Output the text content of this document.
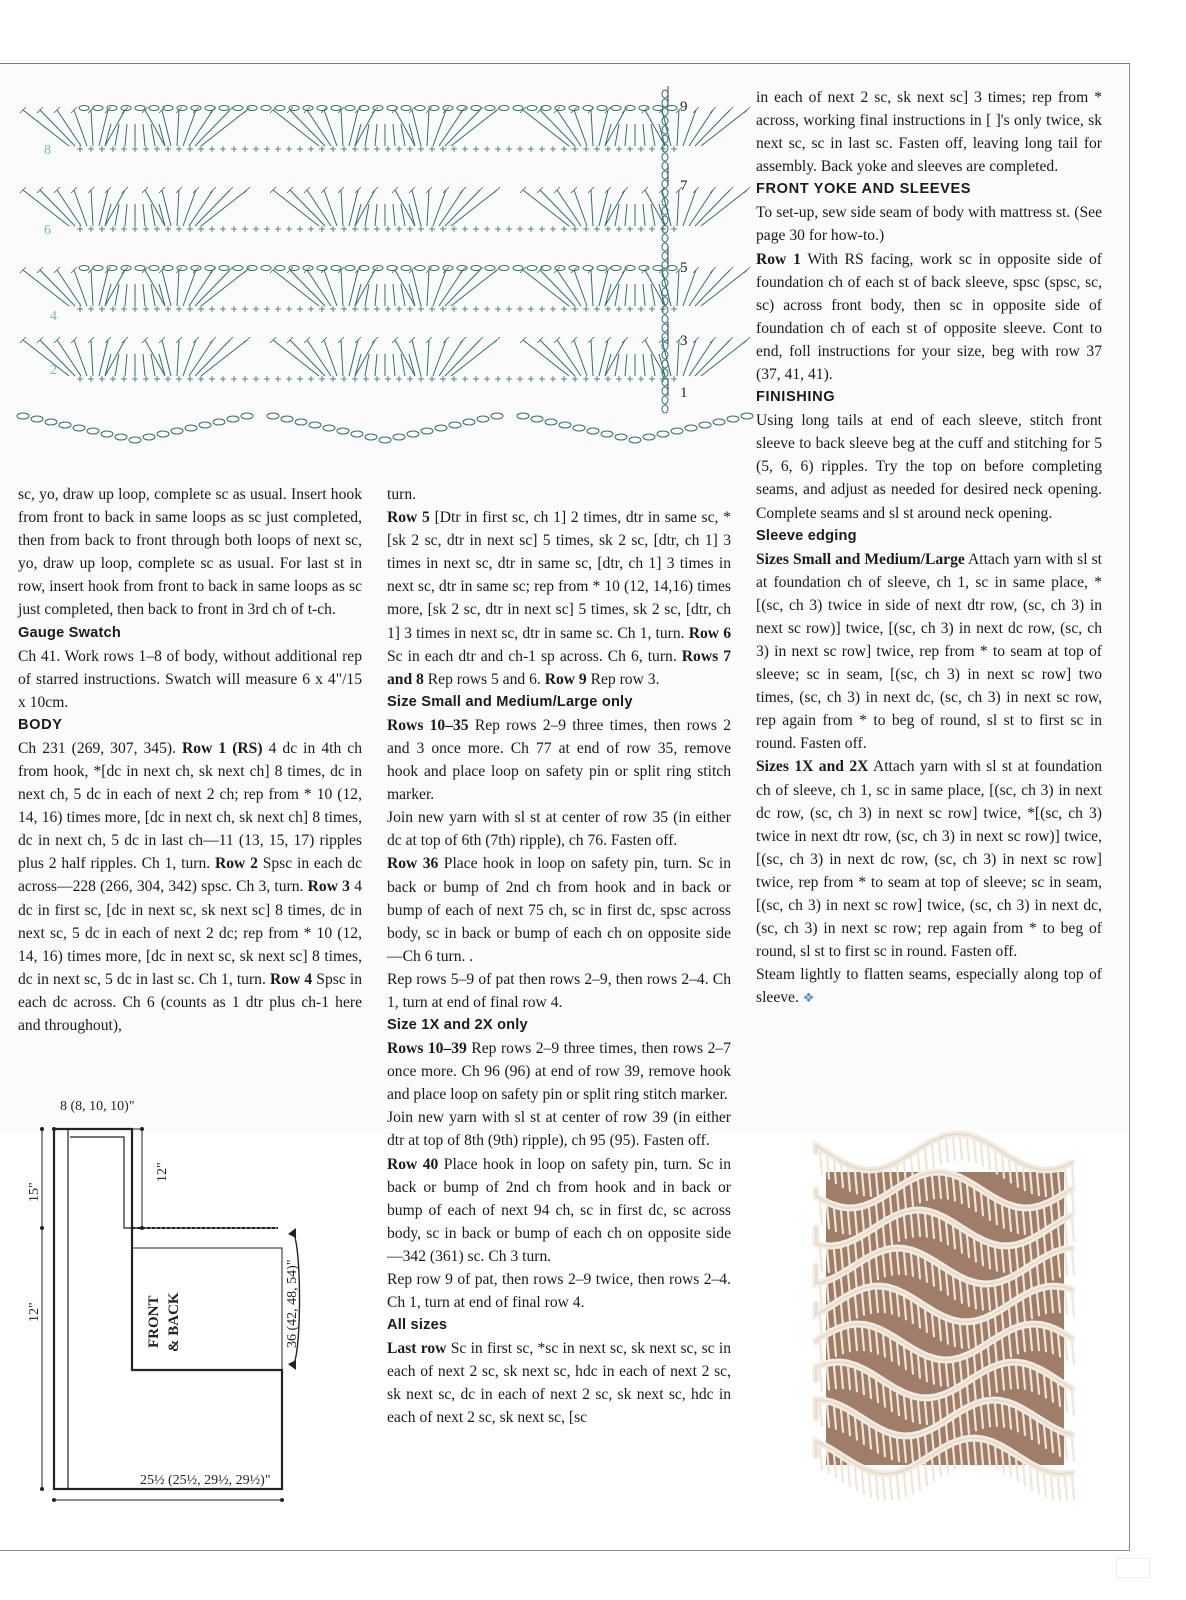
8
6
4
2
9
7
5
3
1

sc, yo, draw up loop, complete sc as usual. Insert hook from front to back in same loops as sc just completed, then from back to front through both loops of next sc, yo, draw up loop, complete sc as usual. For last st in row, insert hook from front to back in same loops as sc just completed, then back to front in 3rd ch of t-ch.

Gauge Swatch

Ch 41. Work rows 1–8 of body, without additional rep of starred instructions. Swatch will measure 6 x 4"/15 x 10cm.

BODY

Ch 231 (269, 307, 345). Row 1 (RS) 4 dc in 4th ch from hook, *[dc in next ch, sk next ch] 8 times, dc in next ch, 5 dc in each of next 2 ch; rep from * 10 (12, 14, 16) times more, [dc in next ch, sk next ch] 8 times, dc in next ch, 5 dc in last ch—11 (13, 15, 17) ripples plus 2 half ripples. Ch 1, turn. Row 2 Spsc in each dc across—228 (266, 304, 342) spsc. Ch 3, turn. Row 3 4 dc in first sc, [dc in next sc, sk next sc] 8 times, dc in next sc, 5 dc in each of next 2 dc; rep from * 10 (12, 14, 16) times more, [dc in next sc, sk next sc] 8 times, dc in next sc, 5 dc in last sc. Ch 1, turn. Row 4 Spsc in each dc across. Ch 6 (counts as 1 dtr plus ch-1 here and throughout),

8 (8, 10, 10)"
12"
15"
12"	FRONT & BACK	36 (42, 48, 54)"
25½ (25½, 29½, 29½)"

turn.

Row 5 [Dtr in first sc, ch 1] 2 times, dtr in same sc, *[sk 2 sc, dtr in next sc] 5 times, sk 2 sc, [dtr, ch 1] 3 times in next sc, dtr in same sc, [dtr, ch 1] 3 times in next sc, dtr in same sc; rep from * 10 (12, 14,16) times more, [sk 2 sc, dtr in next sc] 5 times, sk 2 sc, [dtr, ch 1] 3 times in next sc, dtr in same sc. Ch 1, turn. Row 6 Sc in each dtr and ch-1 sp across. Ch 6, turn. Rows 7 and 8 Rep rows 5 and 6. Row 9 Rep row 3.

Size Small and Medium/Large only

Rows 10–35 Rep rows 2–9 three times, then rows 2 and 3 once more. Ch 77 at end of row 35, remove hook and place loop on safety pin or split ring stitch marker.

Join new yarn with sl st at center of row 35 (in either dc at top of 6th (7th) ripple), ch 76. Fasten off.

Row 36 Place hook in loop on safety pin, turn. Sc in back or bump of 2nd ch from hook and in back or bump of each of next 75 ch, sc in first dc, spsc across body, sc in back or bump of each ch on opposite side—Ch 6 turn. .

Rep rows 5–9 of pat then rows 2–9, then rows 2–4. Ch 1, turn at end of final row 4.

Size 1X and 2X only

Rows 10–39 Rep rows 2–9 three times, then rows 2–7 once more. Ch 96 (96) at end of row 39, remove hook and place loop on safety pin or split ring stitch marker.

Join new yarn with sl st at center of row 39 (in either dtr at top of 8th (9th) ripple), ch 95 (95). Fasten off.

Row 40 Place hook in loop on safety pin, turn. Sc in back or bump of 2nd ch from hook and in back or bump of each of next 94 ch, sc in first dc, sc across body, sc in back or bump of each ch on opposite side—342 (361) sc. Ch 3 turn.

Rep row 9 of pat, then rows 2–9 twice, then rows 2–4. Ch 1, turn at end of final row 4.

All sizes

Last row Sc in first sc, *sc in next sc, sk next sc, sc in each of next 2 sc, sk next sc, hdc in each of next 2 sc, sk next sc, dc in each of next 2 sc, sk next sc, hdc in each of next 2 sc, sk next sc, [sc

in each of next 2 sc, sk next sc] 3 times; rep from * across, working final instructions in [ ]'s only twice, sk next sc, sc in last sc. Fasten off, leaving long tail for assembly. Back yoke and sleeves are completed.

FRONT YOKE AND SLEEVES

To set-up, sew side seam of body with mattress st. (See page 30 for how-to.)

Row 1 With RS facing, work sc in opposite side of foundation ch of each st of back sleeve, spsc (spsc, sc, sc) across front body, then sc in opposite side of foundation ch of each st of opposite sleeve. Cont to end, foll instructions for your size, beg with row 37 (37, 41, 41).

FINISHING

Using long tails at end of each sleeve, stitch front sleeve to back sleeve beg at the cuff and stitching for 5 (5, 6, 6) ripples. Try the top on before completing seams, and adjust as needed for desired neck opening. Complete seams and sl st around neck opening.

Sleeve edging

Sizes Small and Medium/Large Attach yarn with sl st at foundation ch of sleeve, ch 1, sc in same place, *[(sc, ch 3) twice in side of next dtr row, (sc, ch 3) in next sc row)] twice, [(sc, ch 3) in next dc row, (sc, ch 3) in next sc row] twice, rep from * to seam at top of sleeve; sc in seam, [(sc, ch 3) in next sc row] two times, (sc, ch 3) in next dc, (sc, ch 3) in next sc row, rep again from * to beg of round, sl st to first sc in round. Fasten off.

Sizes 1X and 2X Attach yarn with sl st at foundation ch of sleeve, ch 1, sc in same place, [(sc, ch 3) in next dc row, (sc, ch 3) in next sc row] twice, *[(sc, ch 3) twice in next dtr row, (sc, ch 3) in next sc row)] twice, [(sc, ch 3) in next dc row, (sc, ch 3) in next sc row] twice, rep from * to seam at top of sleeve; sc in seam, [(sc, ch 3) in next sc row] twice, (sc, ch 3) in next dc, (sc, ch 3) in next sc row; rep again from * to beg of round, sl st to first sc in round. Fasten off.

Steam lightly to flatten seams, especially along top of sleeve. ❖
